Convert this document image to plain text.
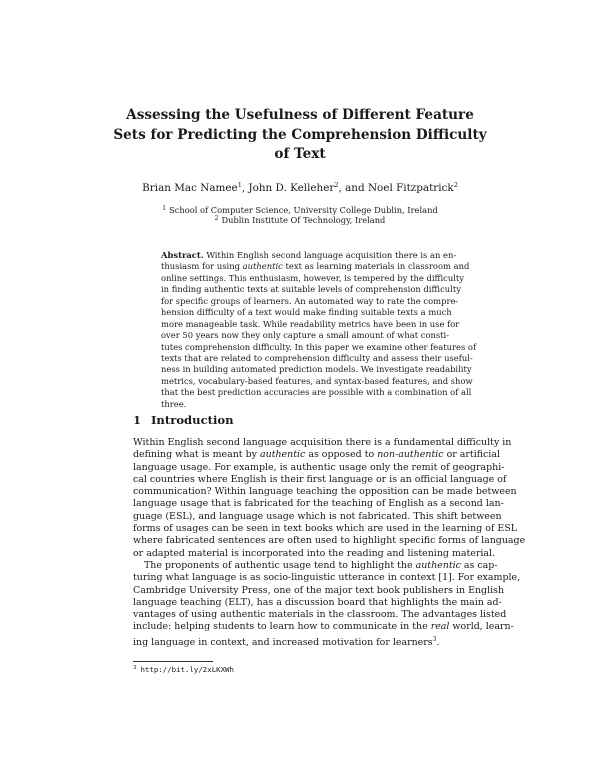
Assessing the Usefulness of Different Feature
Sets for Predicting the Comprehension Difficulty
of Text
Brian Mac Namee$^1$, John D. Kelleher$^2$, and Noel Fitzpatrick$^2$
$^1$ School of Computer Science, University College Dublin, Ireland
$^2$ Dublin Institute Of Technology, Ireland
Abstract. Within English second language acquisition there is an en-
thusiasm for using authentic text as learning materials in classroom and
online settings. This enthusiasm, however, is tempered by the difficulty
in finding authentic texts at suitable levels of comprehension difficulty
for specific groups of learners. An automated way to rate the compre-
hension difficulty of a text would make finding suitable texts a much
more manageable task. While readability metrics have been in use for
over 50 years now they only capture a small amount of what consti-
tutes comprehension difficulty. In this paper we examine other features of
texts that are related to comprehension difficulty and assess their useful-
ness in building automated prediction models. We investigate readability
metrics, vocabulary-based features, and syntax-based features, and show
that the best prediction accuracies are possible with a combination of all
three.
1 Introduction
Within English second language acquisition there is a fundamental difficulty in
defining what is meant by authentic as opposed to non-authentic or artificial
language usage. For example, is authentic usage only the remit of geographi-
cal countries where English is their first language or is an official language of
communication? Within language teaching the opposition can be made between
language usage that is fabricated for the teaching of English as a second lan-
guage (ESL), and language usage which is not fabricated. This shift between
forms of usages can be seen in text books which are used in the learning of ESL
where fabricated sentences are often used to highlight specific forms of language
or adapted material is incorporated into the reading and listening material.
The proponents of authentic usage tend to highlight the authentic as cap-
turing what language is as socio-linguistic utterance in context [1]. For example,
Cambridge University Press, one of the major text book publishers in English
language teaching (ELT), has a discussion board that highlights the main ad-
vantages of using authentic materials in the classroom. The advantages listed
include: helping students to learn how to communicate in the real world, learn-
ing language in context, and increased motivation for learners$^3$.
$^3$ http://bit.ly/2xLKXWh
